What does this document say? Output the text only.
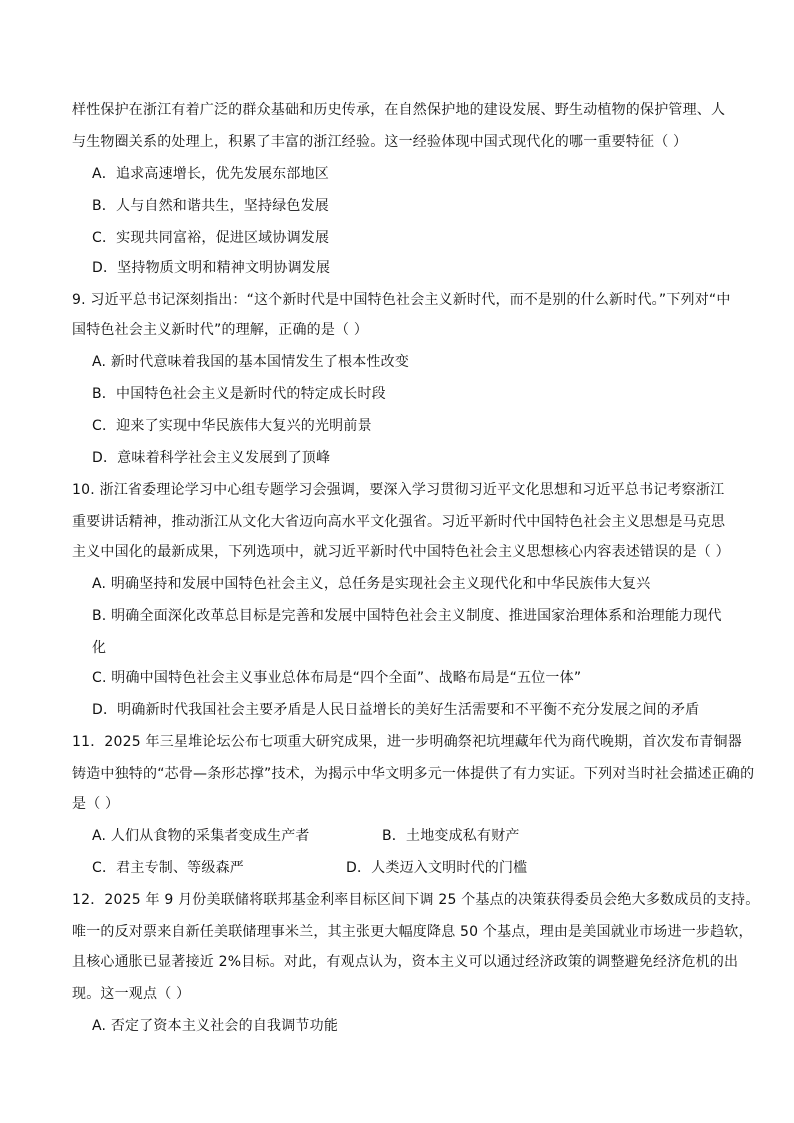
样性保护在浙江有着广泛的群众基础和历史传承，在自然保护地的建设发展、野生动植物的保护管理、人
与生物圈关系的处理上，积累了丰富的浙江经验。这一经验体现中国式现代化的哪一重要特征（ ）
A．追求高速增长，优先发展东部地区
B．人与自然和谐共生，坚持绿色发展
C．实现共同富裕，促进区域协调发展
D．坚持物质文明和精神文明协调发展
9. 习近平总书记深刻指出：“这个新时代是中国特色社会主义新时代，而不是别的什么新时代。”下列对“中
国特色社会主义新时代”的理解，正确的是（ ）
A. 新时代意味着我国的基本国情发生了根本性改变
B．中国特色社会主义是新时代的特定成长时段
C．迎来了实现中华民族伟大复兴的光明前景
D．意味着科学社会主义发展到了顶峰
10. 浙江省委理论学习中心组专题学习会强调，要深入学习贯彻习近平文化思想和习近平总书记考察浙江
重要讲话精神，推动浙江从文化大省迈向高水平文化强省。习近平新时代中国特色社会主义思想是马克思
主义中国化的最新成果，下列选项中，就习近平新时代中国特色社会主义思想核心内容表述错误的是（ ）
A. 明确坚持和发展中国特色社会主义，总任务是实现社会主义现代化和中华民族伟大复兴
B. 明确全面深化改革总目标是完善和发展中国特色社会主义制度、推进国家治理体系和治理能力现代
化
C. 明确中国特色社会主义事业总体布局是“四个全面”、战略布局是“五位一体”
D．明确新时代我国社会主要矛盾是人民日益增长的美好生活需要和不平衡不充分发展之间的矛盾
11．2025 年三星堆论坛公布七项重大研究成果，进一步明确祭祀坑埋藏年代为商代晚期，首次发布青铜器
铸造中独特的“芯骨—条形芯撑”技术，为揭示中华文明多元一体提供了有力实证。下列对当时社会描述正确的
是（ ）
A. 人们从食物的采集者变成生产者	B．土地变成私有财产
C．君主专制、等级森严	D．人类迈入文明时代的门槛
12．2025 年 9 月份美联储将联邦基金利率目标区间下调 25 个基点的决策获得委员会绝大多数成员的支持。
唯一的反对票来自新任美联储理事米兰，其主张更大幅度降息 50 个基点，理由是美国就业市场进一步趋软，
且核心通胀已显著接近 2%目标。对此，有观点认为，资本主义可以通过经济政策的调整避免经济危机的出
现。这一观点（ ）
A. 否定了资本主义社会的自我调节功能
